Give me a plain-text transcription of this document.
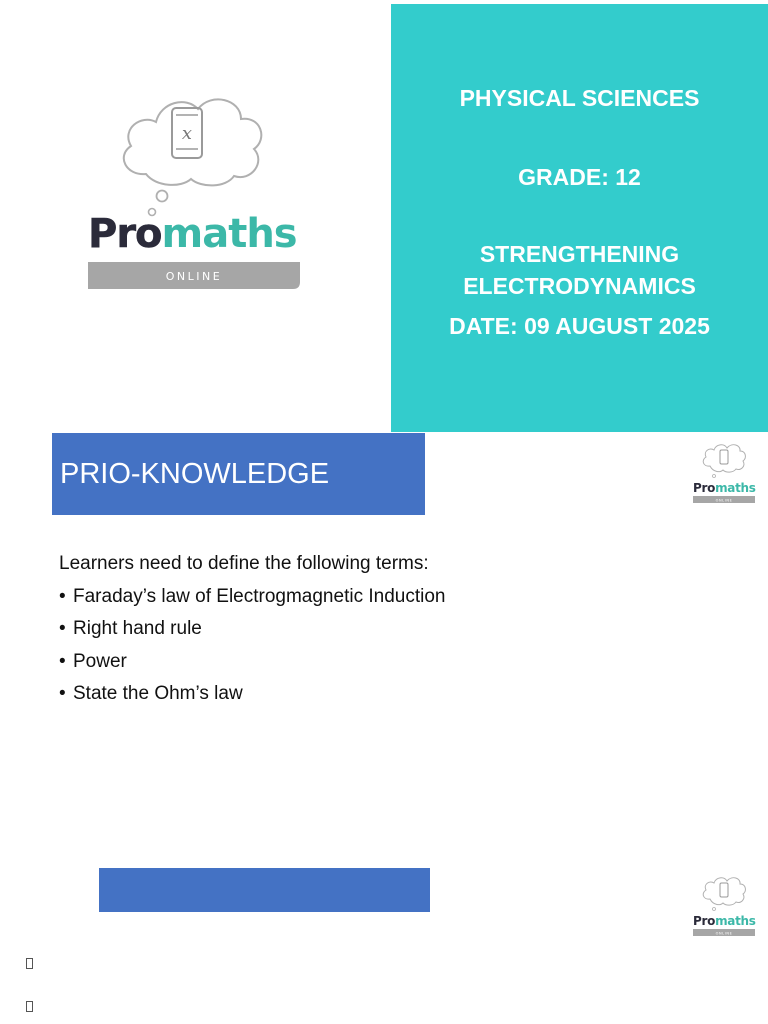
x
Promaths
ONLINE
PHYSICAL SCIENCES
GRADE: 12
STRENGTHENING
ELECTRODYNAMICS
DATE: 09 AUGUST 2025
PRIO-KNOWLEDGE	Promaths
ONLINE
Learners need to define the following terms:
• Faraday’s law of Electrogmagnetic Induction
• Right hand rule
• Power
• State the Ohm’s law
Promaths
ONLINE
